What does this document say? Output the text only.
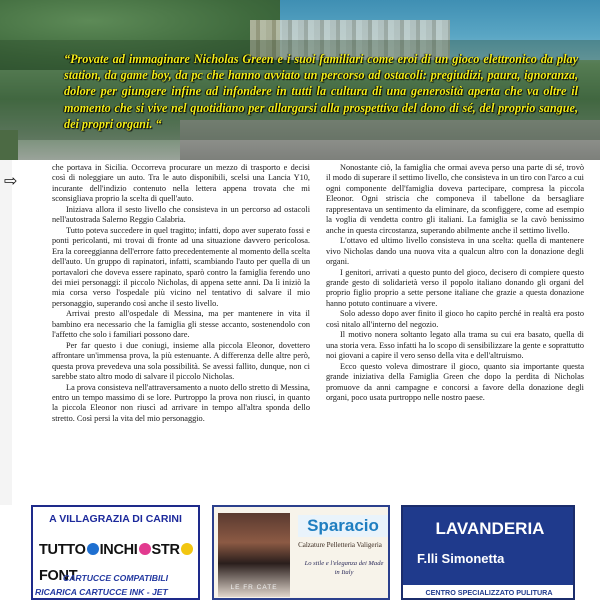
“Provate ad immaginare Nicholas Green e i suoi familiari come eroi di un gioco elettronico da play station, da game boy, da pc che hanno avviato un percorso ad ostacoli: pregiudizi, paura, ignoranza, dolore per giungere infine ad infondere in tutti la cultura di una generosità aperta che va oltre il momento che si vive nel quotidiano per allargarsi alla prospettiva del dono di sé, del proprio sangue, dei propri organi. “

⇨

che portava in Sicilia. Occorreva procurare un mezzo di trasporto e decisi così di noleggiare un auto. Tra le auto disponibili, scelsi una Lancia Y10, incurante dell'indizio contenuto nella lettera appena trovata che mi sconsigliava proprio la scelta di quell'auto.

Iniziava allora il sesto livello che consisteva in un percorso ad ostacoli nell'autostrada Salerno Reggio Calabria.

Tutto poteva succedere in quel tragitto; infatti, dopo aver superato fossi e ponti pericolanti, mi trovai di fronte ad una situazione davvero pericolosa. Era la coreeggianna dell'errore fatto precedentemente al momento della scelta dell'auto. Un gruppo di rapinatori, infatti, scambiando l'auto per quella di un portavalori che doveva essere rapinato, sparò contro la famiglia ferendo uno dei miei personaggi: il piccolo Nicholas, di appena sette anni. Da lì iniziò la mia corsa verso l'ospedale più vicino nel tentativo di salvare il mio personaggio, superando così anche il sesto livello.

Arrivai presto all'ospedale di Messina, ma per mantenere in vita il bambino era necessario che la famiglia gli stesse accanto, sostenendolo con l'affetto che solo i familiari possono dare.

Per far questo i due coniugi, insieme alla piccola Eleonor, dovettero affrontare un'immensa prova, la più estenuante. A differenza delle altre però, questa prova prevedeva una sola possibilità. Se avessi fallito, dunque, non ci sarebbe stato altro modo di salvare il piccolo Nicholas.

La prova consisteva nell'attraversamento a nuoto dello stretto di Messina, entro un tempo massimo di se lore. Purtroppo la prova non riuscì, in quanto la piccola Eleonor non riuscì ad arrivare in tempo all'altra sponda dello stretto. Così persi la vita del mio personaggio.

Nonostante ciò, la famiglia che ormai aveva perso una parte di sé, trovò il modo di superare il settimo livello, che consisteva in un tiro con l'arco a cui ogni componente dell'famiglia doveva partecipare, compresa la piccola Eleonor. Ogni striscia che componeva il tabellone da bersagliare rappresentava un sentimento da eliminare, da sconfiggere, come ad esempio la voglia di vendetta contro gli italiani. La famiglia se la cavò benissimo anche in questa circostanza, superando abilmente anche il settimo livello.

L'ottavo ed ultimo livello consisteva in una scelta: quella di mantenere vivo Nicholas dando una nuova vita a qualcun altro con la donazione degli organi.

I genitori, arrivati a questo punto del gioco, decisero di compiere questo grande gesto di solidarietà verso il popolo italiano donando gli organi del proprio figlio proprio a sette persone italiane che grazie a questa donazione hanno potuto continuare a vivere.

Solo adesso dopo aver finito il gioco ho capito perché in realtà era posto così nitalo all'interno del negozio.

Il motivo nonera soltanto legato alla trama su cui era basato, quella di una storia vera. Esso infatti ha lo scopo di sensibilizzare la gente e soprattutto noi giovani a capire il vero senso della vita e dell'altruismo.

Ecco questo voleva dimostrare il gioco, quanto sia importante questa grande iniziativa della Famiglia Green che dopo la perdita di Nicholas promuove da anni campagne e concorsi a favore della donazione degli organi, poco usata purtroppo nelle nostro paese.

A VILLAGRAZIA DI CARINI
TUTTO INCHI STRFONT
CARTUCCE COMPATIBILI
RICARICA CARTUCCE INK - JET	LE FR CATE
Sparacio
Calzature Pelletteria Valigeria
Lo stile e l'eleganza dei Made in Italy
LAVANDERIA
F.lli Simonetta
CENTRO SPECIALIZZATO PULITURA
